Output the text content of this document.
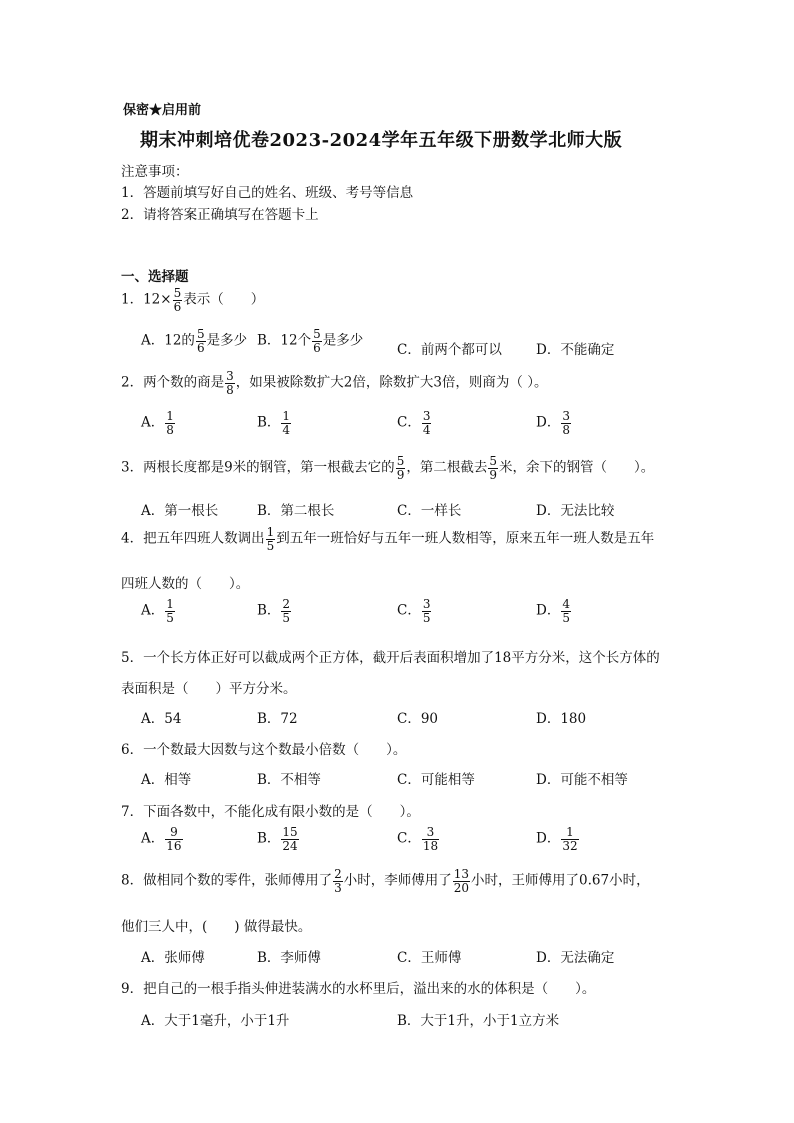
保密★启用前
期末冲刺培优卷2023-2024学年五年级下册数学北师大版
注意事项：
1．答题前填写好自己的姓名、班级、考号等信息
2．请将答案正确填写在答题卡上
一、选择题
1．$12\times \frac{5}{6}$ 表示（　　）
A．12的 $\frac{5}{6}$ 是多少 B．12个 $\frac{5}{6}$ 是多少
C．前两个都可以	D．不能确定
2．两个数的商是 $\frac{3}{8}$ ，如果被除数扩大2倍，除数扩大3倍，则商为（ ）。
A． $\frac{1}{8}$	B． $\frac{1}{4}$	C． $\frac{3}{4}$	D． $\frac{3}{8}$
3．两根长度都是9米的钢管，第一根截去它的 $\frac{5}{9}$ ，第二根截去 $\frac{5}{9}$ 米，余下的钢管（　　）。
A．第一根长	B．第二根长	C．一样长	D．无法比较
4．把五年四班人数调出 $\frac{1}{5}$ 到五年一班恰好与五年一班人数相等，原来五年一班人数是五年
四班人数的（　　）。
A． $\frac{1}{5}$	B． $\frac{2}{5}$	C． $\frac{3}{5}$	D． $\frac{4}{5}$
5．一个长方体正好可以截成两个正方体，截开后表面积增加了18平方分米，这个长方体的
表面积是（　　）平方分米。
A．54	B．72	C．90	D．180
6．一个数最大因数与这个数最小倍数（　　）。
A．相等	B．不相等	C．可能相等	D．可能不相等
7．下面各数中，不能化成有限小数的是（　　）。
A． $\frac{9}{16}$	B． $\frac{15}{24}$	C． $\frac{3}{18}$	D． $\frac{1}{32}$
8．做相同个数的零件，张师傅用了 $\frac{2}{3}$ 小时，李师傅用了 $\frac{13}{20}$ 小时，王师傅用了0.67小时，
他们三人中，(　　) 做得最快。
A．张师傅	B．李师傅	C．王师傅	D．无法确定
9．把自己的一根手指头伸进装满水的水杯里后，溢出来的水的体积是（　　）。
A．大于1毫升，小于1升	B．大于1升，小于1立方米
